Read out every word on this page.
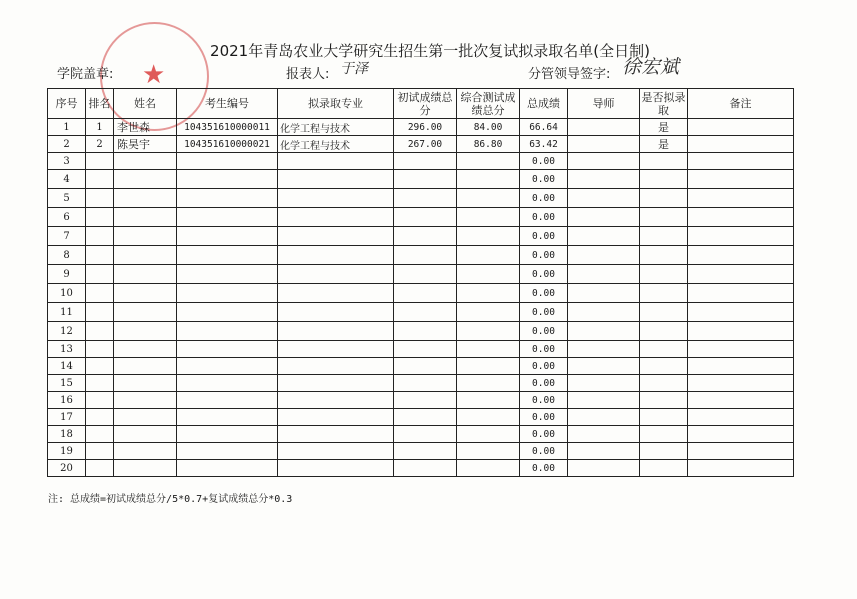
★
2021年青岛农业大学研究生招生第一批次复试拟录取名单(全日制)
学院盖章:	报表人: 于泽	分管领导签字: 徐宏斌
序号	排名	姓名	考生编号	拟录取专业	初试成绩总分	综合测试成绩总分	总成绩	导师	是否拟录取	备注
1	1	李世森	104351610000011	化学工程与技术	296.00	84.00	66.64		是	
2	2	陈昊宇	104351610000021	化学工程与技术	267.00	86.80	63.42		是	
3							0.00			
4							0.00			
5							0.00			
6							0.00			
7							0.00			
8							0.00			
9							0.00			
10							0.00			
11							0.00			
12							0.00			
13							0.00			
14							0.00			
15							0.00			
16							0.00			
17							0.00			
18							0.00			
19							0.00			
20							0.00			
注: 总成绩=初试成绩总分/5*0.7+复试成绩总分*0.3
